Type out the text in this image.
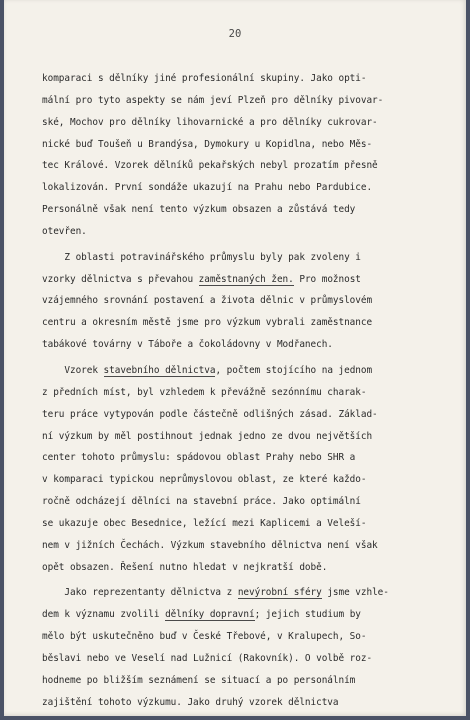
20
komparaci s dělníky jiné profesionální skupiny. Jako opti-
mální pro tyto aspekty se nám jeví Plzeň pro dělníky pivovar-
ské, Mochov pro dělníky lihovarnické a pro dělníky cukrovar-
nické buď Toušeň u Brandýsa, Dymokury u Kopidlna, nebo Měs-
tec Králové. Vzorek dělníků pekařských nebyl prozatím přesně
lokalizován. První sondáže ukazují na Prahu nebo Pardubice.
Personálně však není tento výzkum obsazen a zůstává tedy
otevřen.
Z oblasti potravinářského průmyslu byly pak zvoleny i
vzorky dělnictva s převahou zaměstnaných žen. Pro možnost
vzájemného srovnání postavení a života dělnic v průmyslovém
centru a okresním městě jsme pro výzkum vybrali zaměstnance
tabákové továrny v Táboře a čokoládovny v Modřanech.
Vzorek stavebního dělnictva, počtem stojícího na jednom
z předních míst, byl vzhledem k převážně sezónnímu charak-
teru práce vytypován podle částečně odlišných zásad. Základ-
ní výzkum by měl postihnout jednak jedno ze dvou největších
center tohoto průmyslu: spádovou oblast Prahy nebo SHR a
v komparaci typickou neprůmyslovou oblast, ze které každo-
ročně odcházejí dělníci na stavební práce. Jako optimální
se ukazuje obec Besednice, ležící mezi Kaplicemi a Veleší-
nem v jižních Čechách. Výzkum stavebního dělnictva není však
opět obsazen. Řešení nutno hledat v nejkratší době.
Jako reprezentanty dělnictva z nevýrobní sféry jsme vzhle-
dem k významu zvolili dělníky dopravní; jejich studium by
mělo být uskutečněno buď v České Třebové, v Kralupech, So-
běslavi nebo ve Veselí nad Lužnicí (Rakovník). O volbě roz-
hodneme po bližším seznámení se situací a po personálním
zajištění tohoto výzkumu. Jako druhý vzorek dělnictva
